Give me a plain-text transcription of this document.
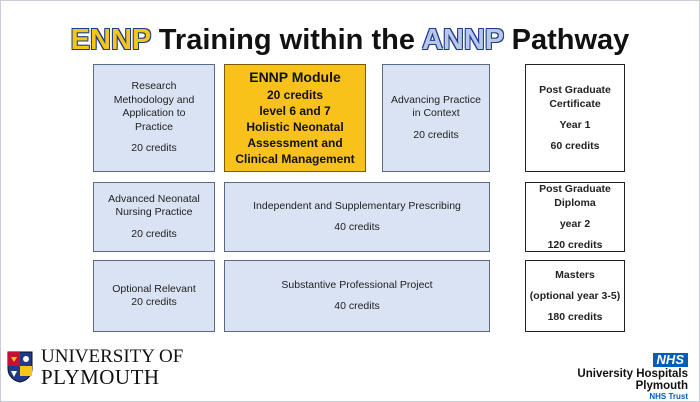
ENNP Training within the ANNP Pathway
Research
Methodology and
Application to
Practice
20 credits
ENNP Module
20 credits
level 6 and 7
Holistic Neonatal
Assessment and
Clinical Management
Advancing Practice
in Context
20 credits
Post Graduate
Certificate
Year 1
60 credits
Advanced Neonatal
Nursing Practice
20 credits
Independent and Supplementary Prescribing
40 credits
Post Graduate
Diploma
year 2
120 credits
Optional Relevant
20 credits
Substantive Professional Project
40 credits
Masters
(optional year 3-5)
180 credits
UNIVERSITY OF
PLYMOUTH
NHS
University Hospitals
Plymouth
NHS Trust
